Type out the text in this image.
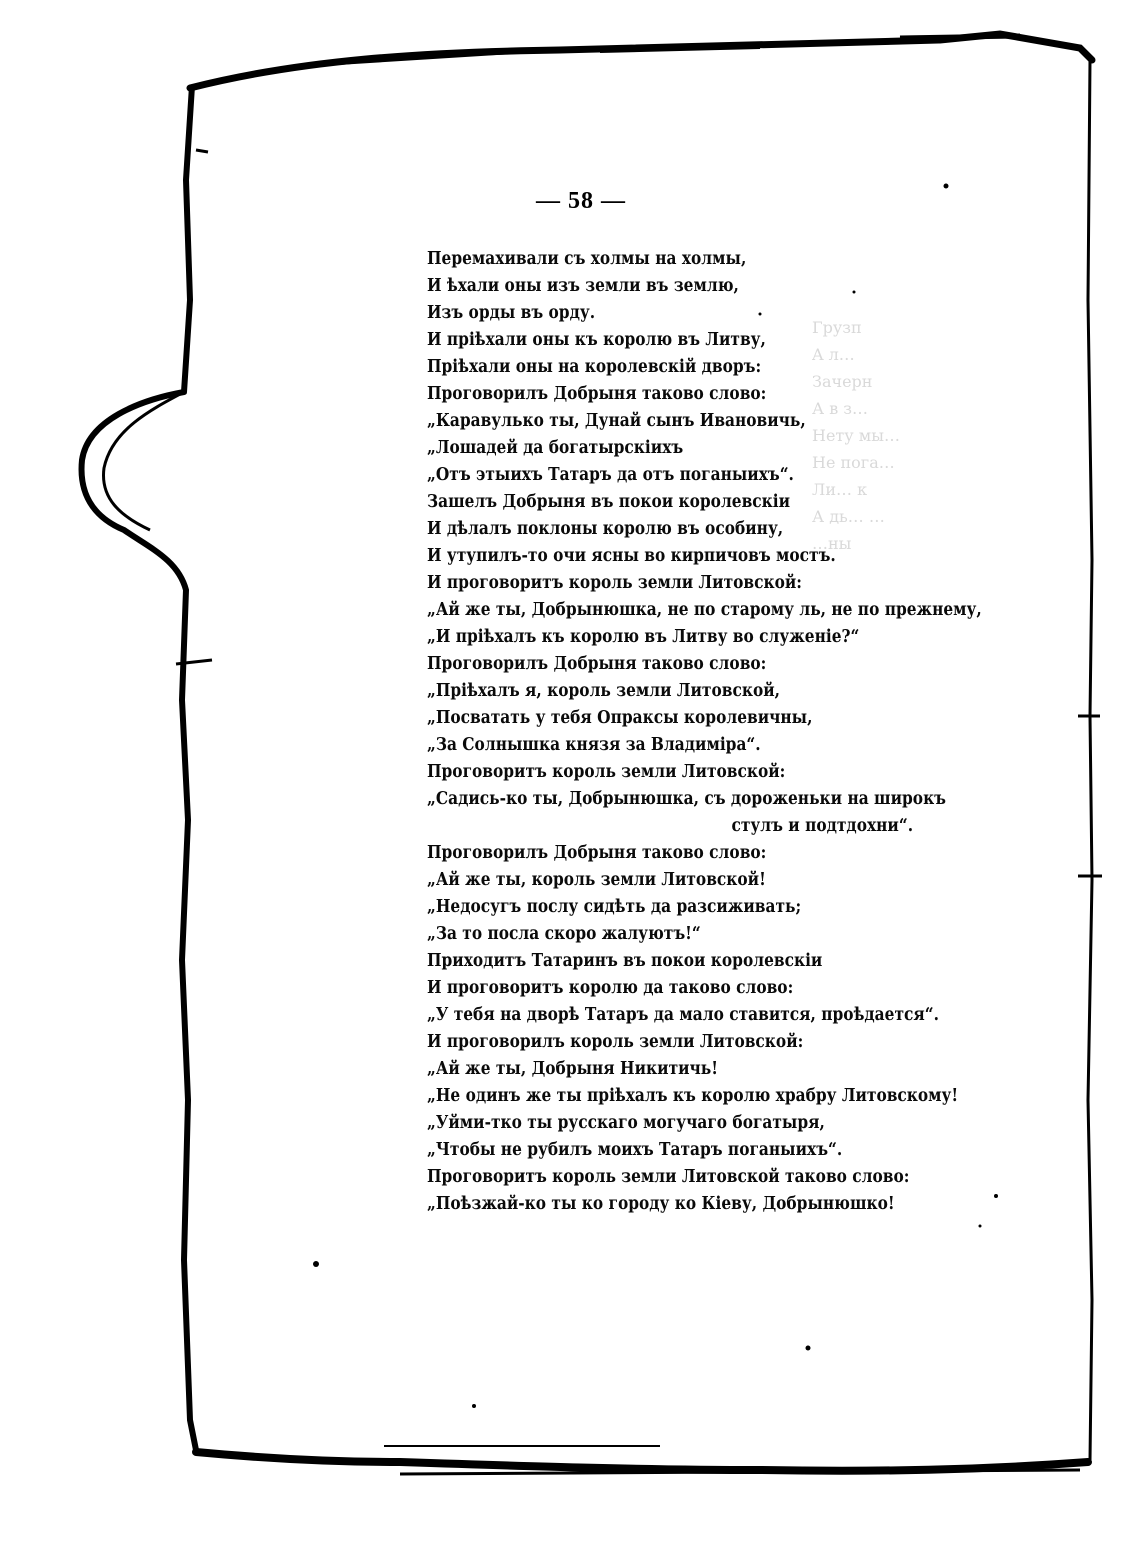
— 58 —
Грузп
A л…
Зачерн
А в з…
Нету мы…
Не пога…
Ли… к
А дь… …
…ны
Перемахивали съ холмы на холмы,
И ѣхали оны изъ земли въ землю,
Изъ орды въ орду.
И пріѣхали оны къ королю въ Литву,
Пріѣхали оны на королевскій дворъ:
Проговорилъ Добрыня таково слово:
„Каравулько ты, Дунай сынъ Ивановичь,
„Лошадей да богатырскіихъ
„Отъ этыихъ Татаръ да отъ поганыихъ“.
Зашелъ Добрыня въ покои королевскіи
И дѣлалъ поклоны королю въ особину,
И утупилъ-то очи ясны во кирпичовъ мостъ.
И проговоритъ король земли Литовской:
„Ай же ты, Добрынюшка, не по старому ль, не по прежнему,
„И пріѣхалъ къ королю въ Литву во служеніе?“
Проговорилъ Добрыня таково слово:
„Пріѣхалъ я, король земли Литовской,
„Посватать у тебя Опраксы королевичны,
„За Солнышка князя за Владиміра“.
Проговоритъ король земли Литовской:
„Садись-ко ты, Добрынюшка, съ дороженьки на широкъ
стулъ и подтдохни“.
Проговорилъ Добрыня таково слово:
„Ай же ты, король земли Литовской!
„Недосугъ послу сидѣть да разсиживать;
„За то посла скоро жалуютъ!“
Приходитъ Татаринъ въ покои королевскіи
И проговоритъ королю да таково слово:
„У тебя на дворѣ Татаръ да мало ставится, проѣдается“.
И проговорилъ король земли Литовской:
„Ай же ты, Добрыня Никитичь!
„Не одинъ же ты пріѣхалъ къ королю храбру Литовскому!
„Уйми-тко ты русскаго могучаго богатыря,
„Чтобы не рубилъ моихъ Татаръ поганыихъ“.
Проговоритъ король земли Литовской таково слово:
„Поѣзжай-ко ты ко городу ко Кіеву, Добрынюшко!
